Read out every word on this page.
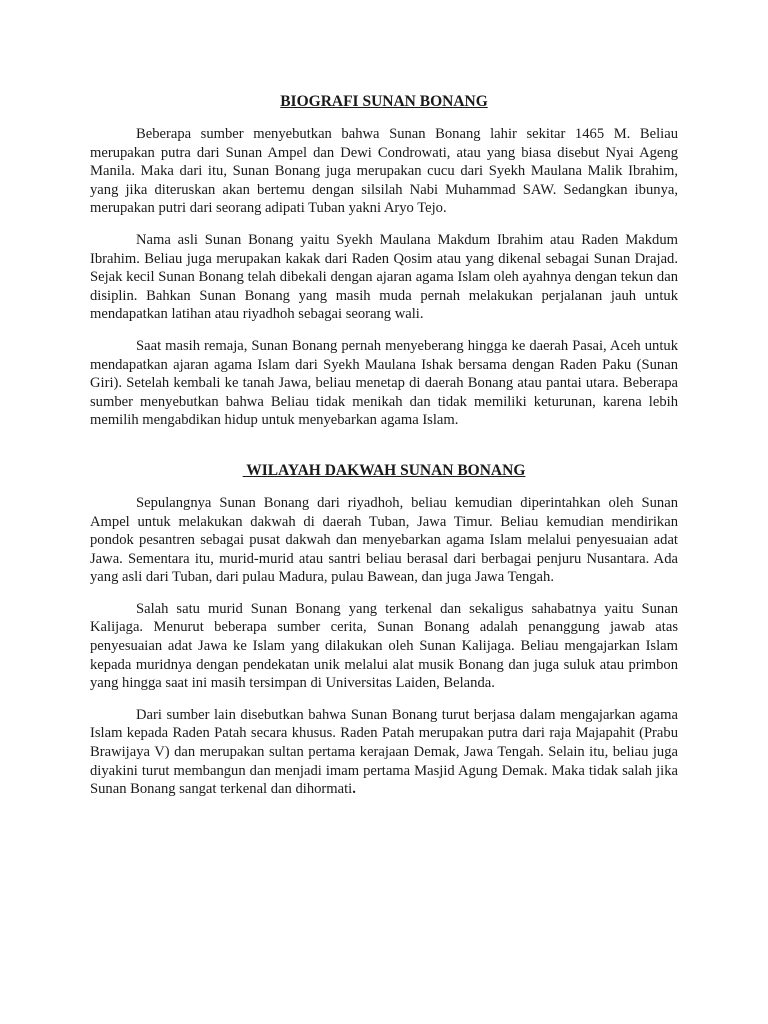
BIOGRAFI SUNAN BONANG

Beberapa sumber menyebutkan bahwa Sunan Bonang lahir sekitar 1465 M. Beliau merupakan putra dari Sunan Ampel dan Dewi Condrowati, atau yang biasa disebut Nyai Ageng Manila. Maka dari itu, Sunan Bonang juga merupakan cucu dari Syekh Maulana Malik Ibrahim, yang jika diteruskan akan bertemu dengan silsilah Nabi Muhammad SAW. Sedangkan ibunya, merupakan putri dari seorang adipati Tuban yakni Aryo Tejo.

Nama asli Sunan Bonang yaitu Syekh Maulana Makdum Ibrahim atau Raden Makdum Ibrahim. Beliau juga merupakan kakak dari Raden Qosim atau yang dikenal sebagai Sunan Drajad. Sejak kecil Sunan Bonang telah dibekali dengan ajaran agama Islam oleh ayahnya dengan tekun dan disiplin. Bahkan Sunan Bonang yang masih muda pernah melakukan perjalanan jauh untuk mendapatkan latihan atau riyadhoh sebagai seorang wali.

Saat masih remaja, Sunan Bonang pernah menyeberang hingga ke daerah Pasai, Aceh untuk mendapatkan ajaran agama Islam dari Syekh Maulana Ishak bersama dengan Raden Paku (Sunan Giri). Setelah kembali ke tanah Jawa, beliau menetap di daerah Bonang atau pantai utara. Beberapa sumber menyebutkan bahwa Beliau tidak menikah dan tidak memiliki keturunan, karena lebih memilih mengabdikan hidup untuk menyebarkan agama Islam.

WILAYAH DAKWAH SUNAN BONANG

Sepulangnya Sunan Bonang dari riyadhoh, beliau kemudian diperintahkan oleh Sunan Ampel untuk melakukan dakwah di daerah Tuban, Jawa Timur. Beliau kemudian mendirikan pondok pesantren sebagai pusat dakwah dan menyebarkan agama Islam melalui penyesuaian adat Jawa. Sementara itu, murid-murid atau santri beliau berasal dari berbagai penjuru Nusantara. Ada yang asli dari Tuban, dari pulau Madura, pulau Bawean, dan juga Jawa Tengah.

Salah satu murid Sunan Bonang yang terkenal dan sekaligus sahabatnya yaitu Sunan Kalijaga. Menurut beberapa sumber cerita, Sunan Bonang adalah penanggung jawab atas penyesuaian adat Jawa ke Islam yang dilakukan oleh Sunan Kalijaga. Beliau mengajarkan Islam kepada muridnya dengan pendekatan unik melalui alat musik Bonang dan juga suluk atau primbon yang hingga saat ini masih tersimpan di Universitas Laiden, Belanda.

Dari sumber lain disebutkan bahwa Sunan Bonang turut berjasa dalam mengajarkan agama Islam kepada Raden Patah secara khusus. Raden Patah merupakan putra dari raja Majapahit (Prabu Brawijaya V) dan merupakan sultan pertama kerajaan Demak, Jawa Tengah. Selain itu, beliau juga diyakini turut membangun dan menjadi imam pertama Masjid Agung Demak. Maka tidak salah jika Sunan Bonang sangat terkenal dan dihormati.
